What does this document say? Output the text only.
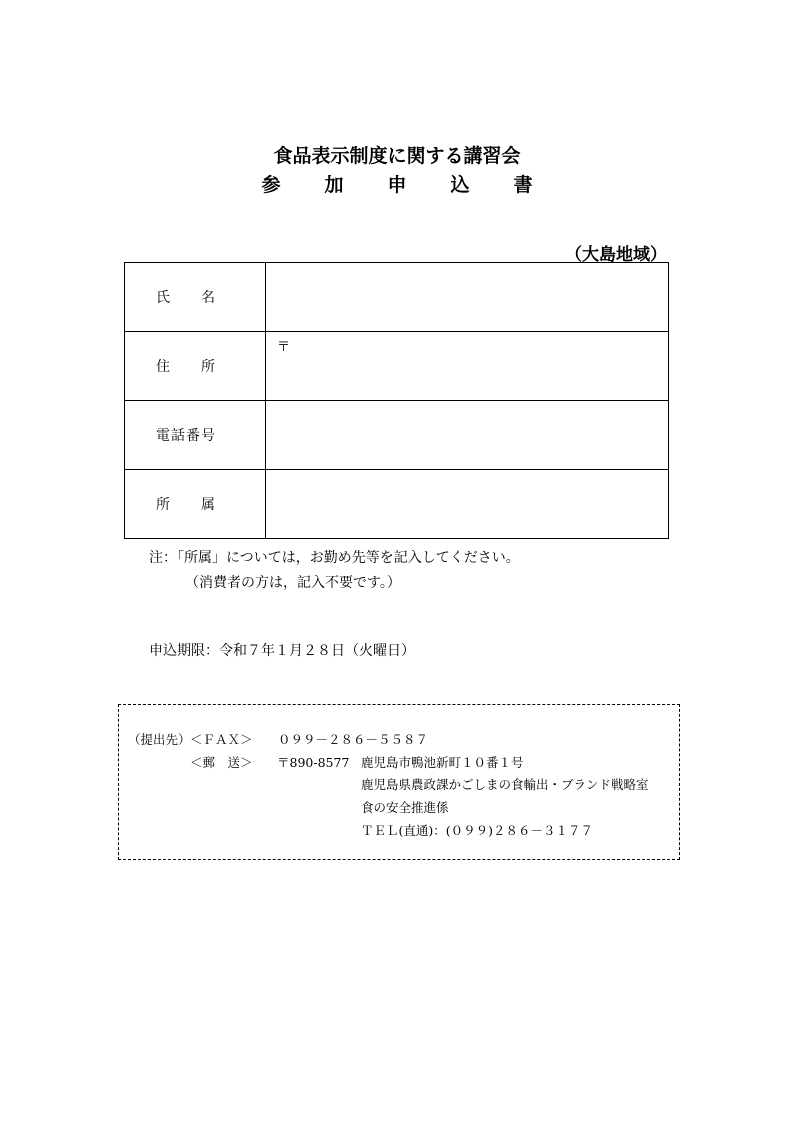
食品表示制度に関する講習会
参 加 申 込 書
（大島地域）
氏　　名	
住　　所	〒
電話番号	
所　　属	
注：「所属」については，お勤め先等を記入してください。
（消費者の方は，記入不要です。）
申込期限：令和７年１月２８日（火曜日）
（提出先） ＜ＦＡＸ＞ ０９９－２８６－５５８７
＜郵　送＞ 〒890-8577 鹿児島市鴨池新町１０番１号
鹿児島県農政課かごしまの食輸出・ブランド戦略室
食の安全推進係
ＴＥＬ(直通)：(０９９)２８６－３１７７
